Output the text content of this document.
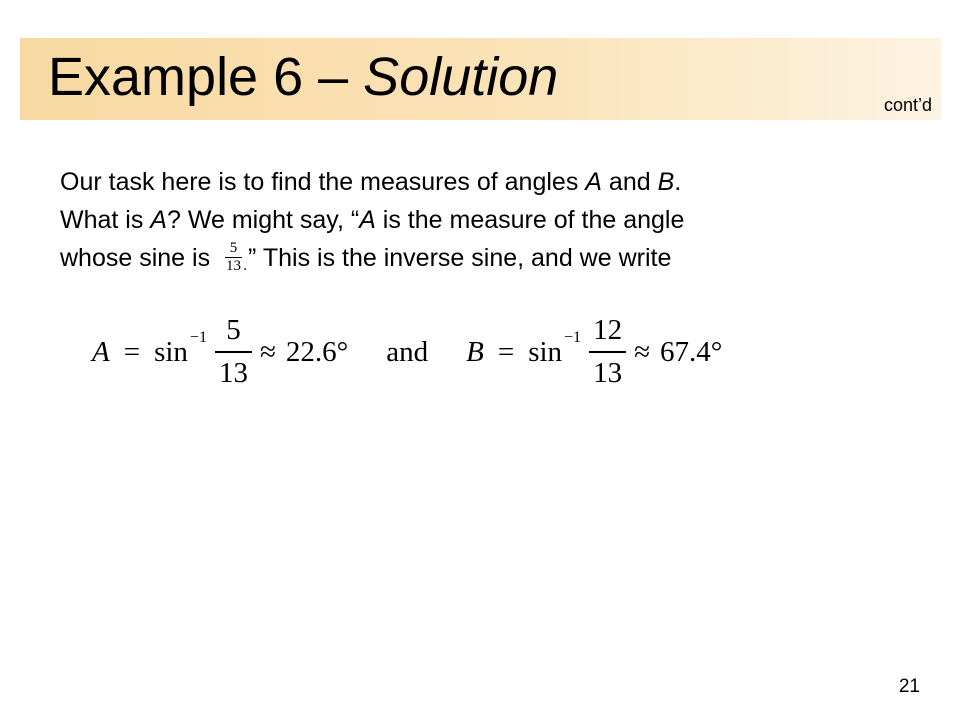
Example 6 – Solution	cont’d

Our task here is to find the measures of angles A and B.

What is A? We might say, “A is the measure of the angle

whose sine is 5
13 . ” This is the inverse sine, and we write

$A = \sin^{-1} \frac{5}{13} \approx 22.6^\circ$ and $B = \sin^{-1} \frac{12}{13} \approx 67.4^\circ$
21
